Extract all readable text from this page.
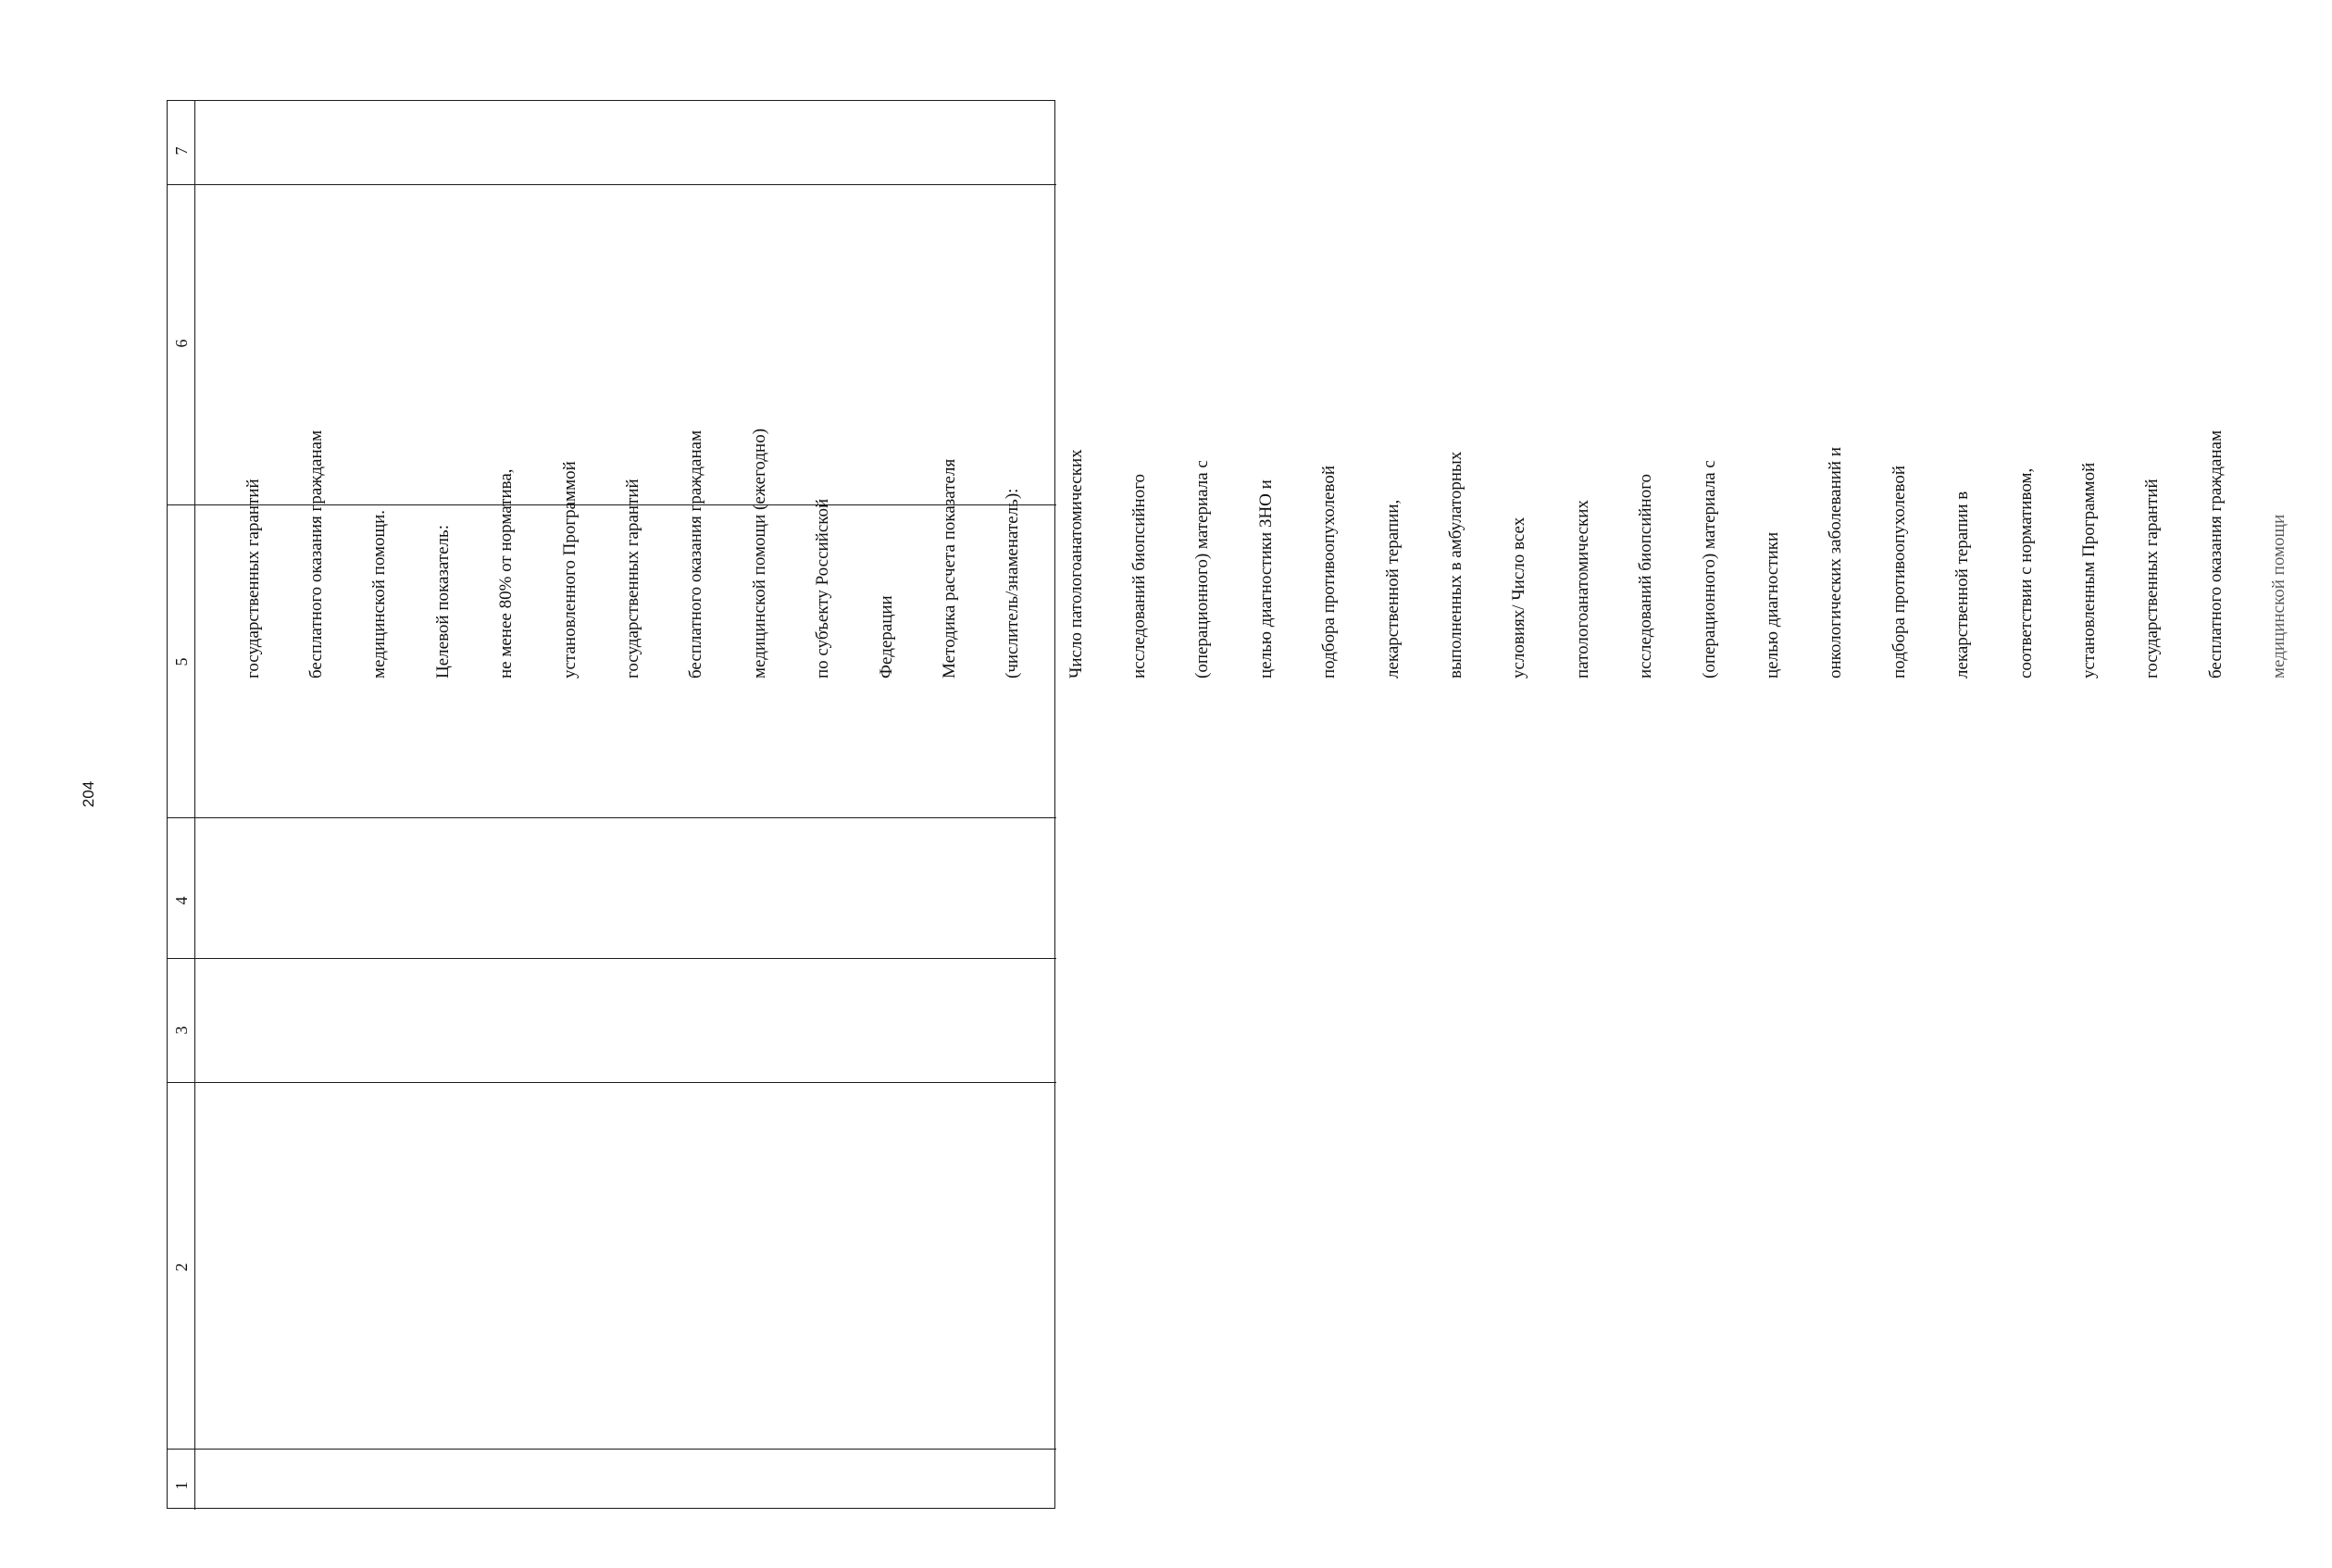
204
1
2
3
4
5
6
7

государственных гарантий

бесплатного оказания гражданам

медицинской помощи.

Целевой показатель:

не менее 80% от норматива,

установленного Программой

государственных гарантий

бесплатного оказания гражданам

медицинской помощи (ежегодно)

по субъекту Российской

Федерации

Методика расчета показателя

(числитель/знаменатель):

Число патологоанатомических

исследований биопсийного

(операционного) материала с

целью диагностики ЗНО и

подбора противоопухолевой

лекарственной терапии,

выполненных в амбулаторных

условиях/ Число всех

патологоанатомических

исследований биопсийного

(операционного) материала с

целью диагностики

онкологических заболеваний и

подбора противоопухолевой

лекарственной терапии в

соответствии с нормативом,

установленным Программой

государственных гарантий

бесплатного оказания гражданам

медицинской помощи
